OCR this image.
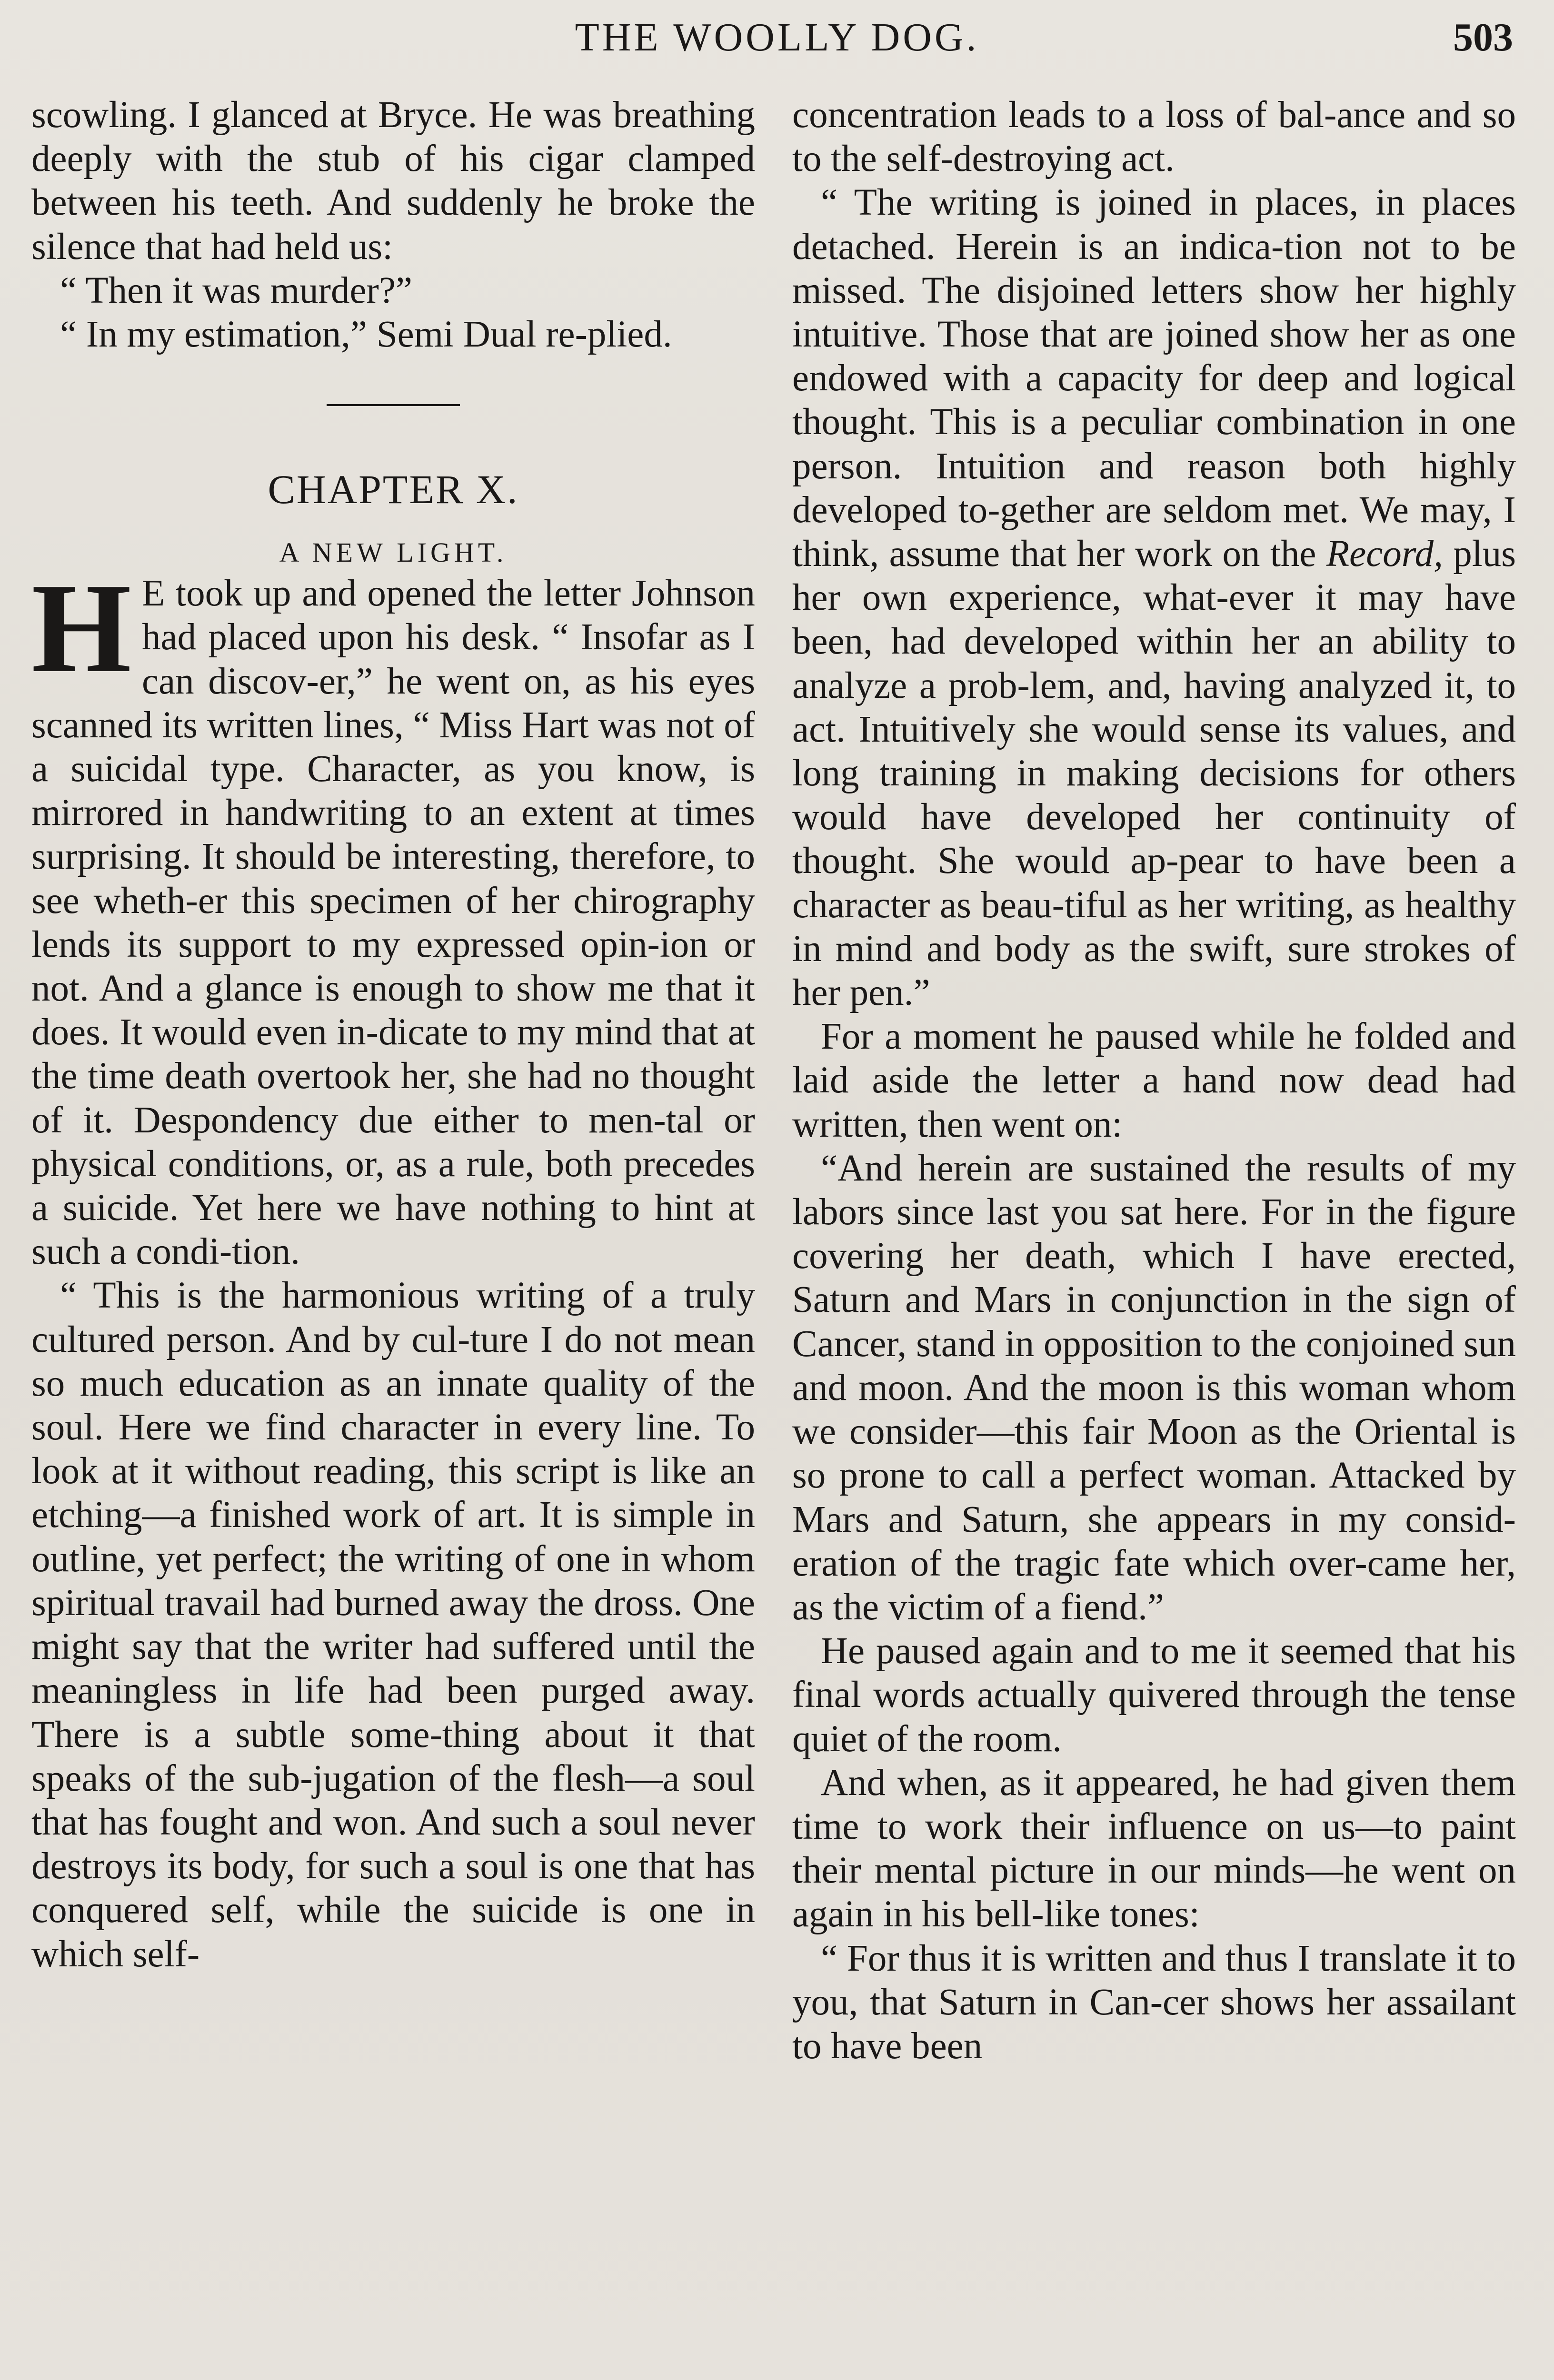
THE WOOLLY DOG.	503

scowling. I glanced at Bryce. He was breathing deeply with the stub of his cigar clamped between his teeth. And suddenly he broke the silence that had held us:

“ Then it was murder?”

“ In my estimation,” Semi Dual re-plied.

CHAPTER X.
A NEW LIGHT.

H E took up and opened the letter Johnson had placed upon his desk. “ Insofar as I can discov-er,” he went on, as his eyes scanned its written lines, “ Miss Hart was not of a suicidal type. Character, as you know, is mirrored in handwriting to an extent at times surprising. It should be interesting, therefore, to see wheth-er this specimen of her chirography lends its support to my expressed opin-ion or not. And a glance is enough to show me that it does. It would even in-dicate to my mind that at the time death overtook her, she had no thought of it. Despondency due either to men-tal or physical conditions, or, as a rule, both precedes a suicide. Yet here we have nothing to hint at such a condi-tion.

“ This is the harmonious writing of a truly cultured person. And by cul-ture I do not mean so much education as an innate quality of the soul. Here we find character in every line. To look at it without reading, this script is like an etching—a finished work of art. It is simple in outline, yet perfect; the writing of one in whom spiritual travail had burned away the dross. One might say that the writer had suffered until the meaningless in life had been purged away. There is a subtle some-thing about it that speaks of the sub-jugation of the flesh—a soul that has fought and won. And such a soul never destroys its body, for such a soul is one that has conquered self, while the suicide is one in which self-

concentration leads to a loss of bal-ance and so to the self-destroying act.

“ The writing is joined in places, in places detached. Herein is an indica-tion not to be missed. The disjoined letters show her highly intuitive. Those that are joined show her as one endowed with a capacity for deep and logical thought. This is a peculiar combination in one person. Intuition and reason both highly developed to-gether are seldom met. We may, I think, assume that her work on the Record, plus her own experience, what-ever it may have been, had developed within her an ability to analyze a prob-lem, and, having analyzed it, to act. Intuitively she would sense its values, and long training in making decisions for others would have developed her continuity of thought. She would ap-pear to have been a character as beau-tiful as her writing, as healthy in mind and body as the swift, sure strokes of her pen.”

For a moment he paused while he folded and laid aside the letter a hand now dead had written, then went on:

“And herein are sustained the results of my labors since last you sat here. For in the figure covering her death, which I have erected, Saturn and Mars in conjunction in the sign of Cancer, stand in opposition to the conjoined sun and moon. And the moon is this woman whom we consider—this fair Moon as the Oriental is so prone to call a perfect woman. Attacked by Mars and Saturn, she appears in my consid-eration of the tragic fate which over-came her, as the victim of a fiend.”

He paused again and to me it seemed that his final words actually quivered through the tense quiet of the room.

And when, as it appeared, he had given them time to work their influence on us—to paint their mental picture in our minds—he went on again in his bell-like tones:

“ For thus it is written and thus I translate it to you, that Saturn in Can-cer shows her assailant to have been
